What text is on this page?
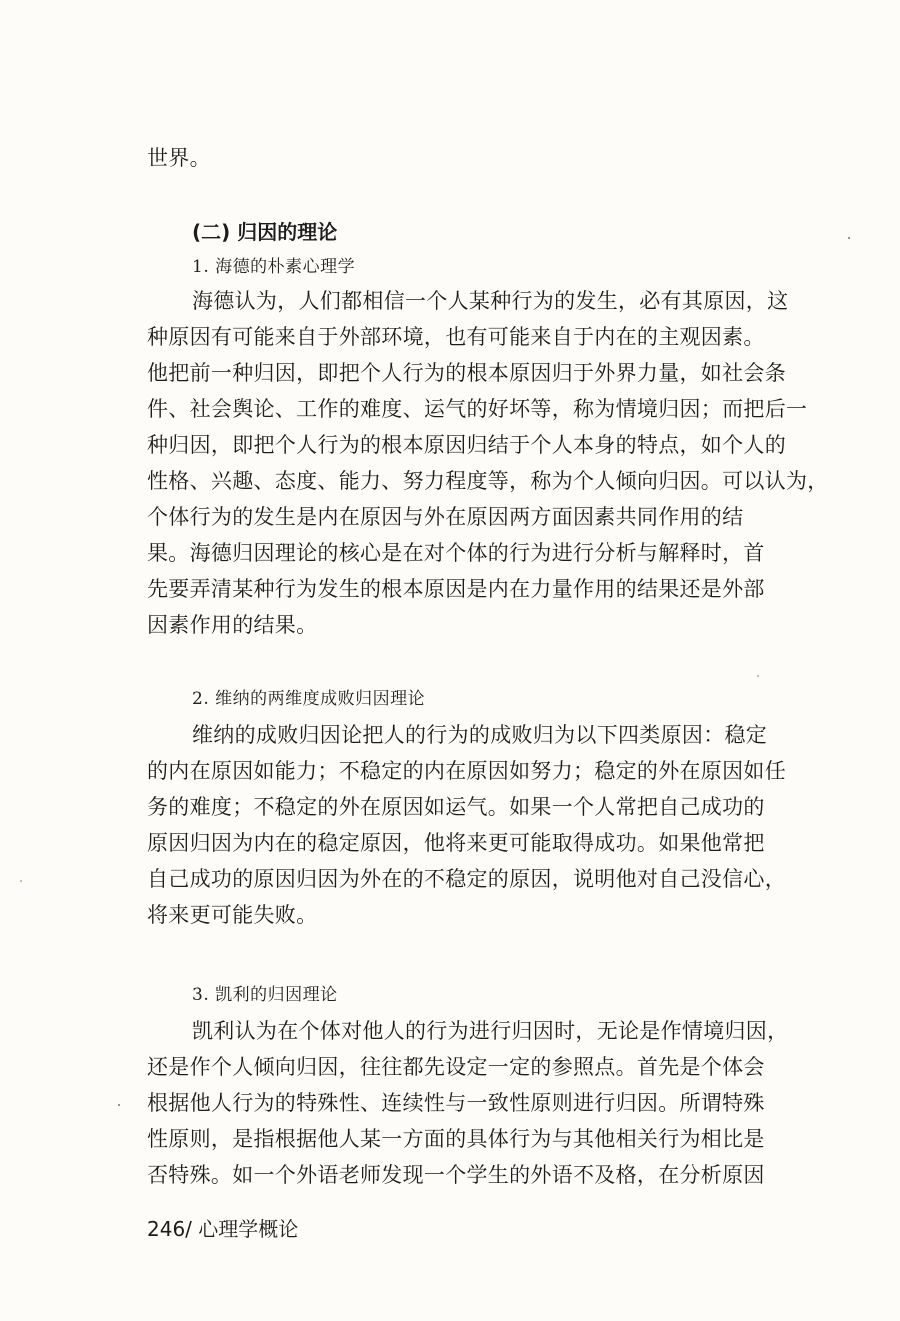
世界。
(二) 归因的理论
1. 海德的朴素心理学
海德认为，人们都相信一个人某种行为的发生，必有其原因，这
种原因有可能来自于外部环境，也有可能来自于内在的主观因素。
他把前一种归因，即把个人行为的根本原因归于外界力量，如社会条
件、社会舆论、工作的难度、运气的好坏等，称为情境归因；而把后一
种归因，即把个人行为的根本原因归结于个人本身的特点，如个人的
性格、兴趣、态度、能力、努力程度等，称为个人倾向归因。可以认为，
个体行为的发生是内在原因与外在原因两方面因素共同作用的结
果。海德归因理论的核心是在对个体的行为进行分析与解释时，首
先要弄清某种行为发生的根本原因是内在力量作用的结果还是外部
因素作用的结果。
2. 维纳的两维度成败归因理论
维纳的成败归因论把人的行为的成败归为以下四类原因：稳定
的内在原因如能力；不稳定的内在原因如努力；稳定的外在原因如任
务的难度；不稳定的外在原因如运气。如果一个人常把自己成功的
原因归因为内在的稳定原因，他将来更可能取得成功。如果他常把
自己成功的原因归因为外在的不稳定的原因，说明他对自己没信心，
将来更可能失败。
3. 凯利的归因理论
凯利认为在个体对他人的行为进行归因时，无论是作情境归因，
还是作个人倾向归因，往往都先设定一定的参照点。首先是个体会
根据他人行为的特殊性、连续性与一致性原则进行归因。所谓特殊
性原则，是指根据他人某一方面的具体行为与其他相关行为相比是
否特殊。如一个外语老师发现一个学生的外语不及格，在分析原因
246/ 心理学概论
